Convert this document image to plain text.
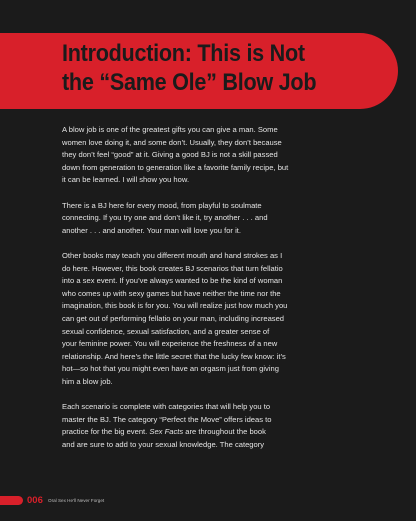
Introduction: This is Not
the “Same Ole” Blow Job

A blow job is one of the greatest gifts you can give a man. Some
women love doing it, and some don’t. Usually, they don’t because
they don’t feel “good” at it. Giving a good BJ is not a skill passed
down from generation to generation like a favorite family recipe, but
it can be learned. I will show you how.

There is a BJ here for every mood, from playful to soulmate
connecting. If you try one and don’t like it, try another . . . and
another . . . and another. Your man will love you for it.

Other books may teach you different mouth and hand strokes as I
do here. However, this book creates BJ scenarios that turn fellatio
into a sex event. If you’ve always wanted to be the kind of woman
who comes up with sexy games but have neither the time nor the
imagination, this book is for you. You will realize just how much you
can get out of performing fellatio on your man, including increased
sexual confidence, sexual satisfaction, and a greater sense of
your feminine power. You will experience the freshness of a new
relationship. And here’s the little secret that the lucky few know: it’s
hot—so hot that you might even have an orgasm just from giving
him a blow job.

Each scenario is complete with categories that will help you to
master the BJ. The category “Perfect the Move” offers ideas to
practice for the big event. Sex Facts are throughout the book
and are sure to add to your sexual knowledge. The category

006 Oral Sex He’ll Never Forget
